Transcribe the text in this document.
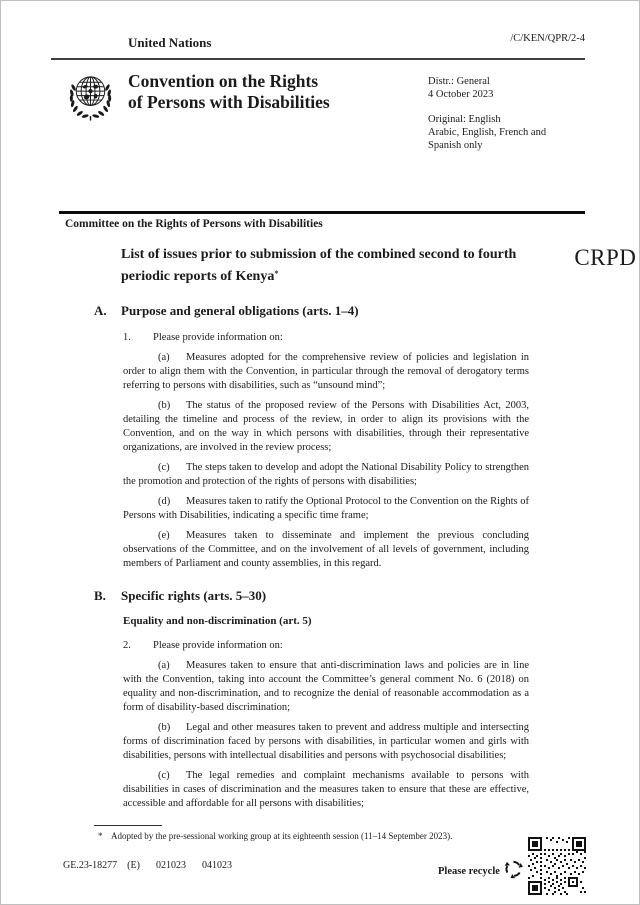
United Nations
CRPD
/C/KEN/QPR/2-4
Convention on the Rights
of Persons with Disabilities
Distr.: General
4 October 2023
Original: English
Arabic, English, French and
Spanish only
Committee on the Rights of Persons with Disabilities
List of issues prior to submission of the combined second to fourth periodic reports of Kenya*
A. Purpose and general obligations (arts. 1–4)

1. Please provide information on:

(a) Measures adopted for the comprehensive review of policies and legislation in order to align them with the Convention, in particular through the removal of derogatory terms referring to persons with disabilities, such as “unsound mind”;

(b) The status of the proposed review of the Persons with Disabilities Act, 2003, detailing the timeline and process of the review, in order to align its provisions with the Convention, and on the way in which persons with disabilities, through their representative organizations, are involved in the review process;

(c) The steps taken to develop and adopt the National Disability Policy to strengthen the promotion and protection of the rights of persons with disabilities;

(d) Measures taken to ratify the Optional Protocol to the Convention on the Rights of Persons with Disabilities, indicating a specific time frame;

(e) Measures taken to disseminate and implement the previous concluding observations of the Committee, and on the involvement of all levels of government, including members of Parliament and county assemblies, in this regard.

B. Specific rights (arts. 5–30)
Equality and non-discrimination (art. 5)

2. Please provide information on:

(a) Measures taken to ensure that anti-discrimination laws and policies are in line with the Convention, taking into account the Committee’s general comment No. 6 (2018) on equality and non-discrimination, and to recognize the denial of reasonable accommodation as a form of disability-based discrimination;

(b) Legal and other measures taken to prevent and address multiple and intersecting forms of discrimination faced by persons with disabilities, in particular women and girls with disabilities, persons with intellectual disabilities and persons with psychosocial disabilities;

(c) The legal remedies and complaint mechanisms available to persons with disabilities in cases of discrimination and the measures taken to ensure that these are effective, accessible and affordable for all persons with disabilities;

* Adopted by the pre-sessional working group at its eighteenth session (11–14 September 2023).
GE.23-18277 (E) 021023 041023
Please recycle
